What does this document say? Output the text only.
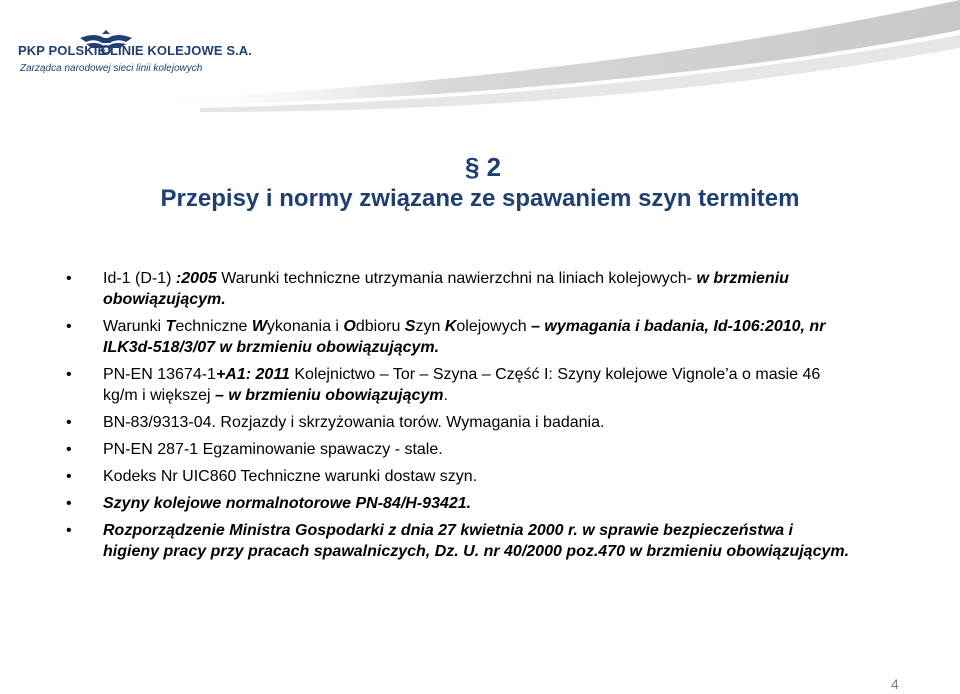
PKP POLSKIE LINIE KOLEJOWE S.A.
Zarządca narodowej sieci linii kolejowych
§ 2
Przepisy i normy związane ze spawaniem szyn termitem
• Id-1 (D-1) :2005 Warunki techniczne utrzymania nawierzchni na liniach kolejowych- w brzmieniu obowiązującym.
• Warunki Techniczne Wykonania i Odbioru Szyn Kolejowych – wymagania i badania, Id-106:2010, nr ILK3d-518/3/07 w brzmieniu obowiązującym.
• PN-EN 13674-1+A1: 2011 Kolejnictwo – Tor – Szyna – Część I: Szyny kolejowe Vignole’a o masie 46 kg/m i większej – w brzmieniu obowiązującym.
• BN-83/9313-04. Rozjazdy i skrzyżowania torów. Wymagania i badania.
• PN-EN 287-1 Egzaminowanie spawaczy - stale.
• Kodeks Nr UIC860 Techniczne warunki dostaw szyn.
• Szyny kolejowe normalnotorowe PN-84/H-93421.
• Rozporządzenie Ministra Gospodarki z dnia 27 kwietnia 2000 r. w sprawie bezpieczeństwa i higieny pracy przy pracach spawalniczych, Dz. U. nr 40/2000 poz.470 w brzmieniu obowiązującym.
4
